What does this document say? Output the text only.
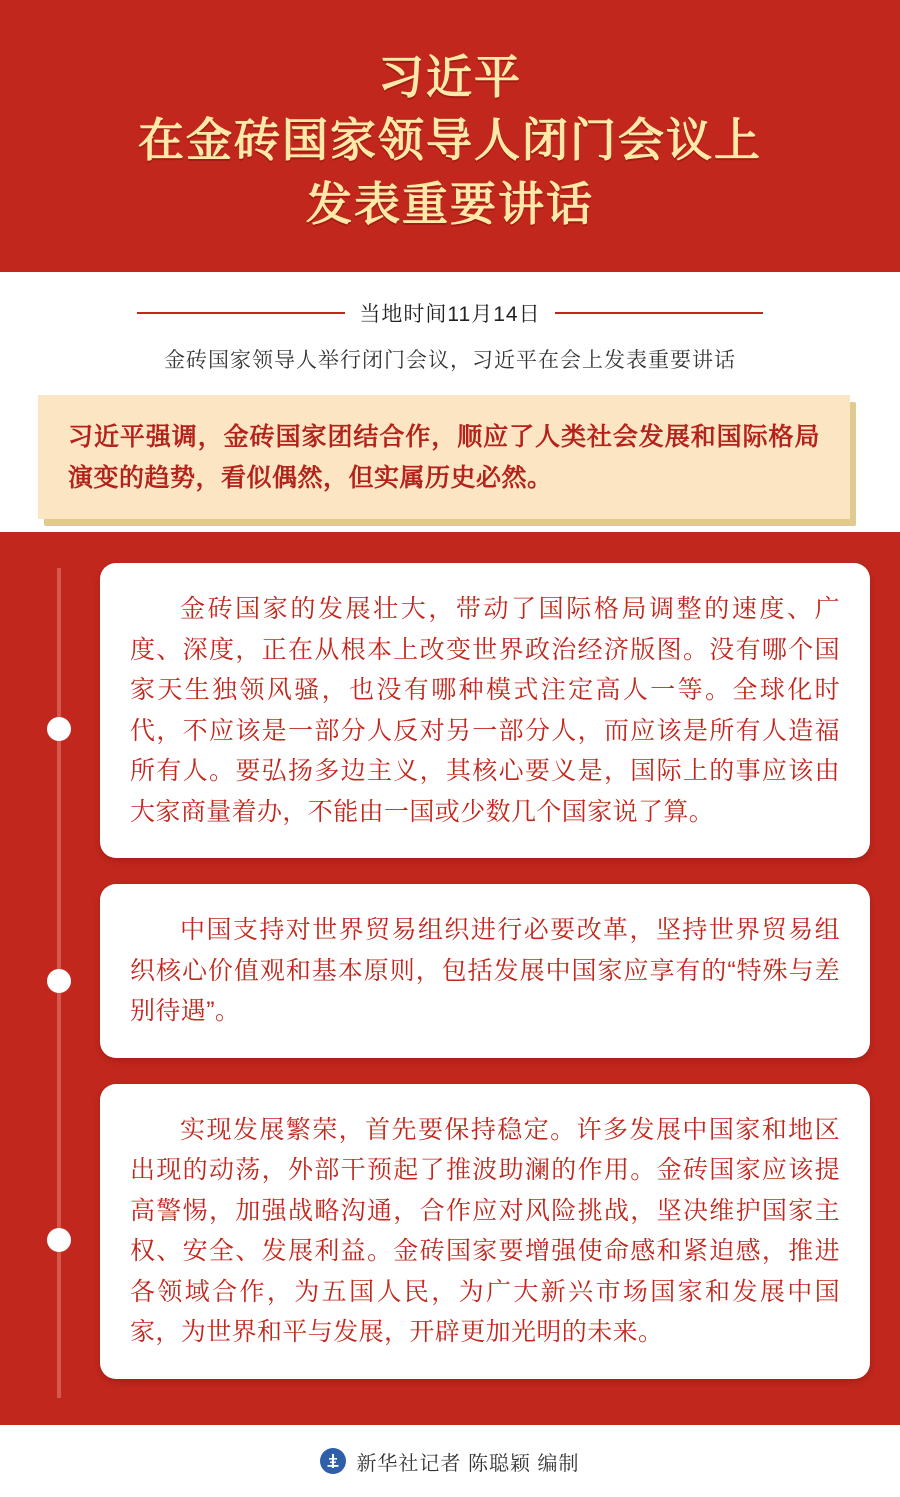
习近平
在金砖国家领导人闭门会议上
发表重要讲话
当地时间11月14日
金砖国家领导人举行闭门会议，习近平在会上发表重要讲话

习近平强调，金砖国家团结合作，顺应了人类社会发展和国际格局演变的趋势，看似偶然，但实属历史必然。

金砖国家的发展壮大，带动了国际格局调整的速度、广度、深度，正在从根本上改变世界政治经济版图。没有哪个国家天生独领风骚，也没有哪种模式注定高人一等。全球化时代，不应该是一部分人反对另一部分人，而应该是所有人造福所有人。要弘扬多边主义，其核心要义是，国际上的事应该由大家商量着办，不能由一国或少数几个国家说了算。

中国支持对世界贸易组织进行必要改革，坚持世界贸易组织核心价值观和基本原则，包括发展中国家应享有的“特殊与差别待遇”。

实现发展繁荣，首先要保持稳定。许多发展中国家和地区出现的动荡，外部干预起了推波助澜的作用。金砖国家应该提高警惕，加强战略沟通，合作应对风险挑战，坚决维护国家主权、安全、发展利益。金砖国家要增强使命感和紧迫感，推进各领域合作，为五国人民，为广大新兴市场国家和发展中国家，为世界和平与发展，开辟更加光明的未来。

新华社记者 陈聪颖 编制
